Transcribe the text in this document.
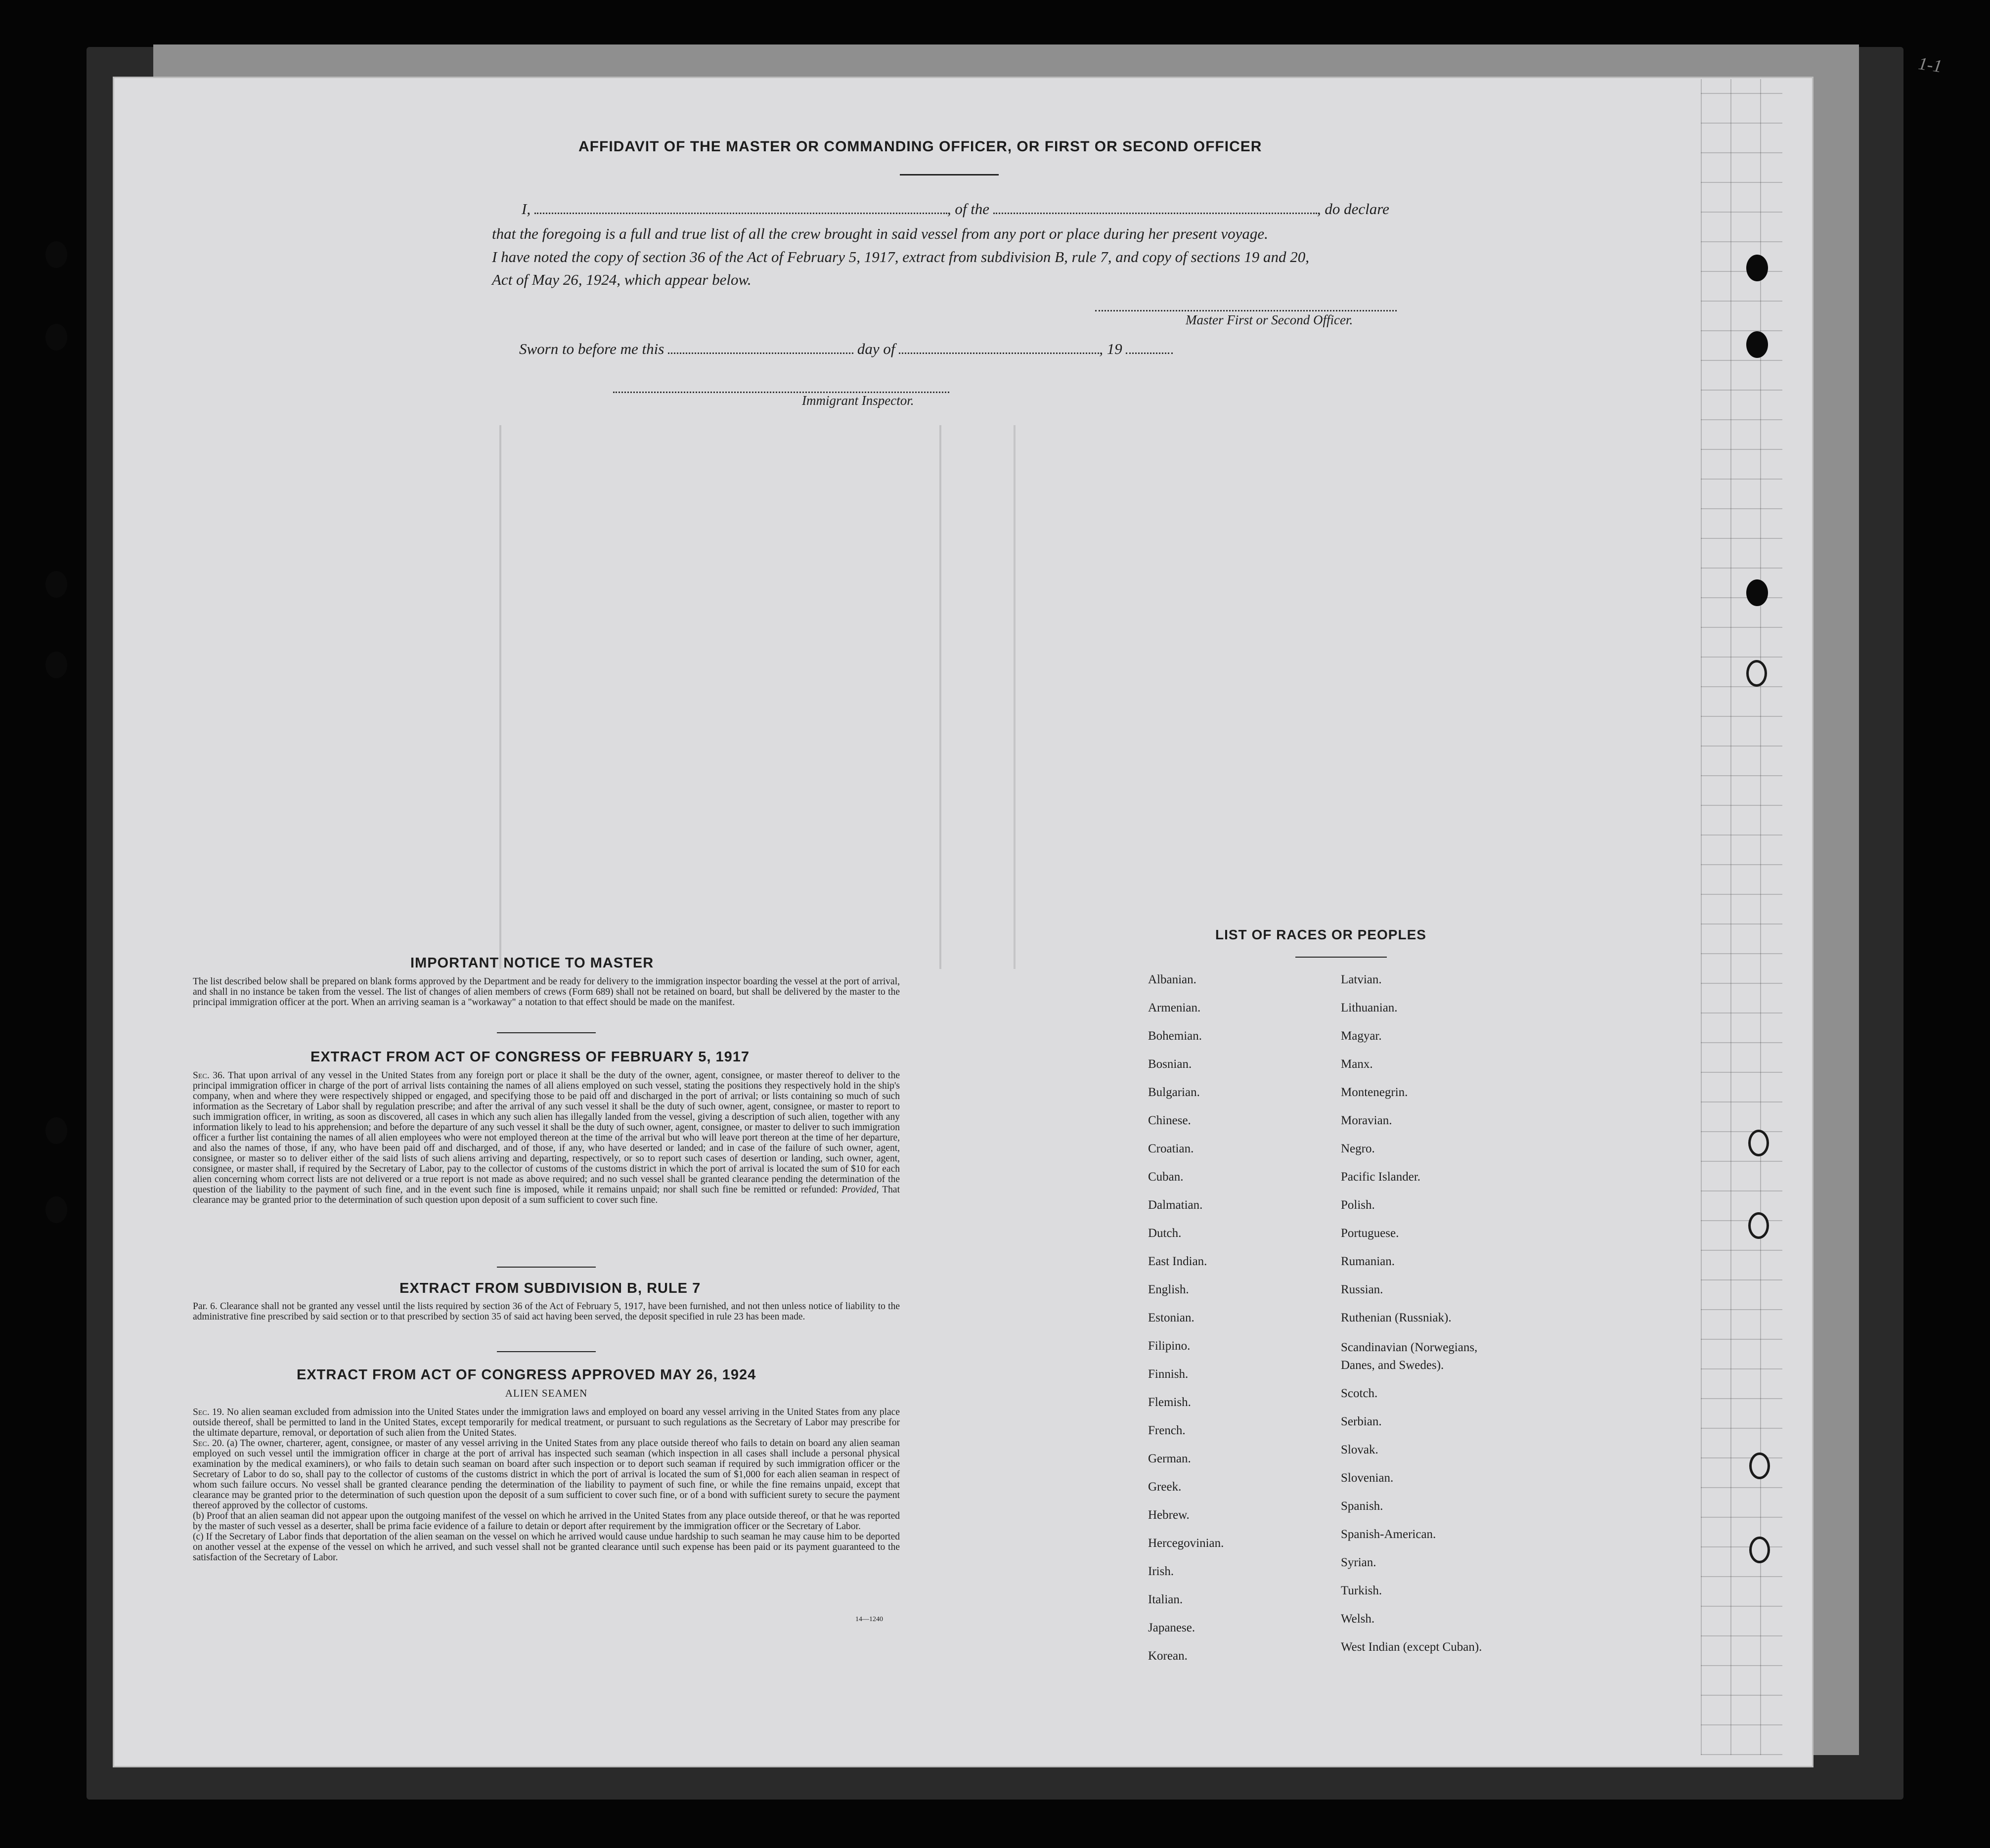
1-1
AFFIDAVIT OF THE MASTER OR COMMANDING OFFICER, OR FIRST OR SECOND OFFICER
I,	, of the	, do declare
that the foregoing is a full and true list of all the crew brought in said vessel from any port or place during her present voyage.
I have noted the copy of section 36 of the Act of February 5, 1917, extract from subdivision B, rule 7, and copy of sections 19 and 20,
Act of May 26, 1924, which appear below.
Master First or Second Officer.
Sworn to before me this	day of	, 19
Immigrant Inspector.
IMPORTANT NOTICE TO MASTER
The list described below shall be prepared on blank forms approved by the Department and be ready for delivery to the immigration inspector boarding the vessel at the port of arrival, and shall in no instance be taken from the vessel. The list of changes of alien members of crews (Form 689) shall not be retained on board, but shall be delivered by the master to the principal immigration officer at the port. When an arriving seaman is a "workaway" a notation to that effect should be made on the manifest.
EXTRACT FROM ACT OF CONGRESS OF FEBRUARY 5, 1917
Sec. 36. That upon arrival of any vessel in the United States from any foreign port or place it shall be the duty of the owner, agent, consignee, or master thereof to deliver to the principal immigration officer in charge of the port of arrival lists containing the names of all aliens employed on such vessel, stating the positions they respectively hold in the ship's company, when and where they were respectively shipped or engaged, and specifying those to be paid off and discharged in the port of arrival; or lists containing so much of such information as the Secretary of Labor shall by regulation prescribe; and after the arrival of any such vessel it shall be the duty of such owner, agent, consignee, or master to report to such immigration officer, in writing, as soon as discovered, all cases in which any such alien has illegally landed from the vessel, giving a description of such alien, together with any information likely to lead to his apprehension; and before the departure of any such vessel it shall be the duty of such owner, agent, consignee, or master to deliver to such immigration officer a further list containing the names of all alien employees who were not employed thereon at the time of the arrival but who will leave port thereon at the time of her departure, and also the names of those, if any, who have been paid off and discharged, and of those, if any, who have deserted or landed; and in case of the failure of such owner, agent, consignee, or master so to deliver either of the said lists of such aliens arriving and departing, respectively, or so to report such cases of desertion or landing, such owner, agent, consignee, or master shall, if required by the Secretary of Labor, pay to the collector of customs of the customs district in which the port of arrival is located the sum of $10 for each alien concerning whom correct lists are not delivered or a true report is not made as above required; and no such vessel shall be granted clearance pending the determination of the question of the liability to the payment of such fine, and in the event such fine is imposed, while it remains unpaid; nor shall such fine be remitted or refunded: Provided, That clearance may be granted prior to the determination of such question upon deposit of a sum sufficient to cover such fine.
EXTRACT FROM SUBDIVISION B, RULE 7
Par. 6. Clearance shall not be granted any vessel until the lists required by section 36 of the Act of February 5, 1917, have been furnished, and not then unless notice of liability to the administrative fine prescribed by said section or to that prescribed by section 35 of said act having been served, the deposit specified in rule 23 has been made.
EXTRACT FROM ACT OF CONGRESS APPROVED MAY 26, 1924
ALIEN SEAMEN
Sec. 19. No alien seaman excluded from admission into the United States under the immigration laws and employed on board any vessel arriving in the United States from any place outside thereof, shall be permitted to land in the United States, except temporarily for medical treatment, or pursuant to such regulations as the Secretary of Labor may prescribe for the ultimate departure, removal, or deportation of such alien from the United States.
Sec. 20. (a) The owner, charterer, agent, consignee, or master of any vessel arriving in the United States from any place outside thereof who fails to detain on board any alien seaman employed on such vessel until the immigration officer in charge at the port of arrival has inspected such seaman (which inspection in all cases shall include a personal physical examination by the medical examiners), or who fails to detain such seaman on board after such inspection or to deport such seaman if required by such immigration officer or the Secretary of Labor to do so, shall pay to the collector of customs of the customs district in which the port of arrival is located the sum of $1,000 for each alien seaman in respect of whom such failure occurs. No vessel shall be granted clearance pending the determination of the liability to payment of such fine, or while the fine remains unpaid, except that clearance may be granted prior to the determination of such question upon the deposit of a sum sufficient to cover such fine, or of a bond with sufficient surety to secure the payment thereof approved by the collector of customs.
(b) Proof that an alien seaman did not appear upon the outgoing manifest of the vessel on which he arrived in the United States from any place outside thereof, or that he was reported by the master of such vessel as a deserter, shall be prima facie evidence of a failure to detain or deport after requirement by the immigration officer or the Secretary of Labor.
(c) If the Secretary of Labor finds that deportation of the alien seaman on the vessel on which he arrived would cause undue hardship to such seaman he may cause him to be deported on another vessel at the expense of the vessel on which he arrived, and such vessel shall not be granted clearance until such expense has been paid or its payment guaranteed to the satisfaction of the Secretary of Labor.
14—1240
LIST OF RACES OR PEOPLES
Albanian.
Armenian.
Bohemian.
Bosnian.
Bulgarian.
Chinese.
Croatian.
Cuban.
Dalmatian.
Dutch.
East Indian.
English.
Estonian.
Filipino.
Finnish.
Flemish.
French.
German.
Greek.
Hebrew.
Hercegovinian.
Irish.
Italian.
Japanese.
Korean.
Latvian.
Lithuanian.
Magyar.
Manx.
Montenegrin.
Moravian.
Negro.
Pacific Islander.
Polish.
Portuguese.
Rumanian.
Russian.
Ruthenian (Russniak).
Scandinavian (Norwegians,
Danes, and Swedes).
Scotch.
Serbian.
Slovak.
Slovenian.
Spanish.
Spanish-American.
Syrian.
Turkish.
Welsh.
West Indian (except Cuban).
